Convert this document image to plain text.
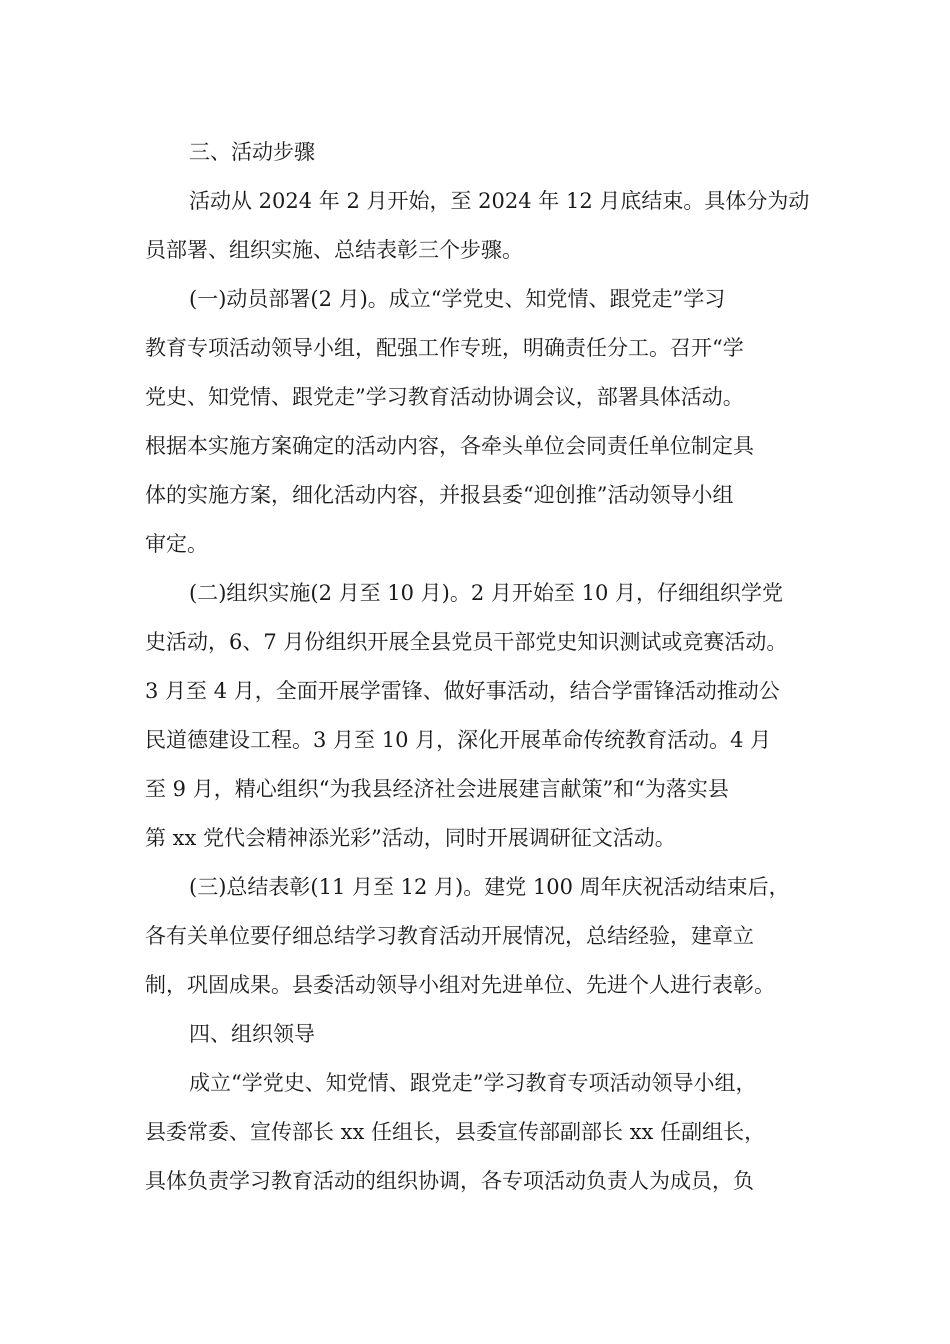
三、活动步骤
活动从 2024 年 2 月开始，至 2024 年 12 月底结束。具体分为动
员部署、组织实施、总结表彰三个步骤。
(一)动员部署(2 月)。成立“学党史、知党情、跟党走”学习
教育专项活动领导小组，配强工作专班，明确责任分工。召开“学
党史、知党情、跟党走”学习教育活动协调会议，部署具体活动。
根据本实施方案确定的活动内容，各牵头单位会同责任单位制定具
体的实施方案，细化活动内容，并报县委“迎创推”活动领导小组
审定。
(二)组织实施(2 月至 10 月)。2 月开始至 10 月，仔细组织学党
史活动，6、7 月份组织开展全县党员干部党史知识测试或竞赛活动。
3 月至 4 月，全面开展学雷锋、做好事活动，结合学雷锋活动推动公
民道德建设工程。3 月至 10 月，深化开展革命传统教育活动。4 月
至 9 月，精心组织“为我县经济社会进展建言献策”和“为落实县
第 xx 党代会精神添光彩”活动，同时开展调研征文活动。
(三)总结表彰(11 月至 12 月)。建党 100 周年庆祝活动结束后，
各有关单位要仔细总结学习教育活动开展情况，总结经验，建章立
制，巩固成果。县委活动领导小组对先进单位、先进个人进行表彰。
四、组织领导
成立“学党史、知党情、跟党走”学习教育专项活动领导小组，
县委常委、宣传部长 xx 任组长，县委宣传部副部长 xx 任副组长，
具体负责学习教育活动的组织协调，各专项活动负责人为成员，负
